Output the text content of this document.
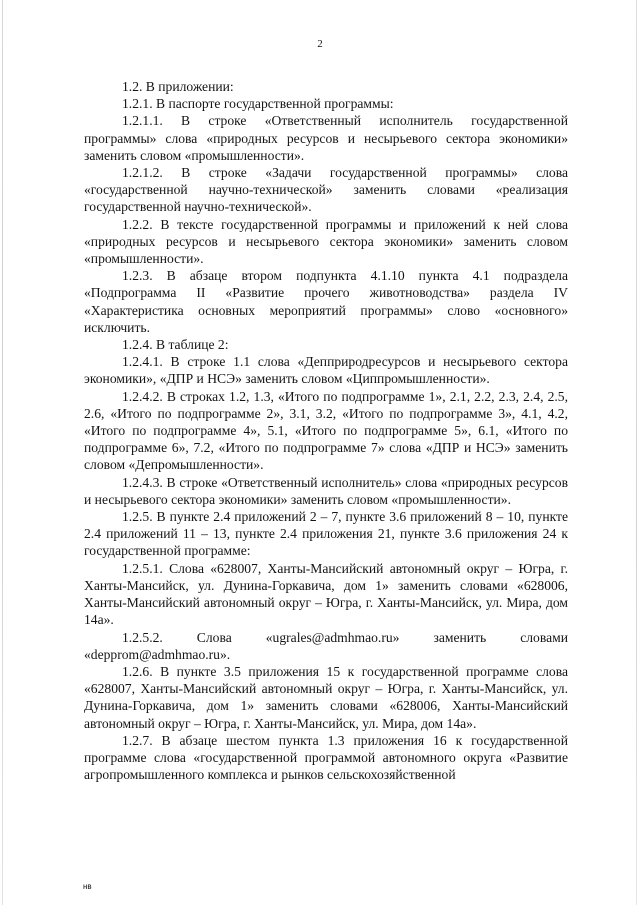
2

1.2. В приложении:

1.2.1. В паспорте государственной программы:

1.2.1.1. В строке «Ответственный исполнитель государственной программы» слова «природных ресурсов и несырьевого сектора экономики» заменить словом «промышленности».

1.2.1.2. В строке «Задачи государственной программы» слова «государственной научно-технической» заменить словами «реализация государственной научно-технической».

1.2.2. В тексте государственной программы и приложений к ней слова «природных ресурсов и несырьевого сектора экономики» заменить словом «промышленности».

1.2.3. В абзаце втором подпункта 4.1.10 пункта 4.1 подраздела «Подпрограмма II «Развитие прочего животноводства» раздела IV «Характеристика основных мероприятий программы» слово «основного» исключить.

1.2.4. В таблице 2:

1.2.4.1. В строке 1.1 слова «Депприродресурсов и несырьевого сектора экономики», «ДПР и НСЭ» заменить словом «Циппромышленности».

1.2.4.2. В строках 1.2, 1.3, «Итого по подпрограмме 1», 2.1, 2.2, 2.3, 2.4, 2.5, 2.6, «Итого по подпрограмме 2», 3.1, 3.2, «Итого по подпрограмме 3», 4.1, 4.2, «Итого по подпрограмме 4», 5.1, «Итого по подпрограмме 5», 6.1, «Итого по подпрограмме 6», 7.2, «Итого по подпрограмме 7» слова «ДПР и НСЭ» заменить словом «Депромышленности».

1.2.4.3. В строке «Ответственный исполнитель» слова «природных ресурсов и несырьевого сектора экономики» заменить словом «промышленности».

1.2.5. В пункте 2.4 приложений 2 – 7, пункте 3.6 приложений 8 – 10, пункте 2.4 приложений 11 – 13, пункте 2.4 приложения 21, пункте 3.6 приложения 24 к государственной программе:

1.2.5.1. Слова «628007, Ханты-Мансийский автономный округ – Югра, г. Ханты-Мансийск, ул. Дунина-Горкавича, дом 1» заменить словами «628006, Ханты-Мансийский автономный округ – Югра, г. Ханты-Мансийск, ул. Мира, дом 14а».

1.2.5.2. Слова «ugrales@admhmao.ru» заменить словами «depprom@admhmao.ru».

1.2.6. В пункте 3.5 приложения 15 к государственной программе слова «628007, Ханты-Мансийский автономный округ – Югра, г. Ханты-Мансийск, ул. Дунина-Горкавича, дом 1» заменить словами «628006, Ханты-Мансийский автономный округ – Югра, г. Ханты-Мансийск, ул. Мира, дом 14а».

1.2.7. В абзаце шестом пункта 1.3 приложения 16 к государственной программе слова «государственной программой автономного округа «Развитие агропромышленного комплекса и рынков сельскохозяйственной

нв
